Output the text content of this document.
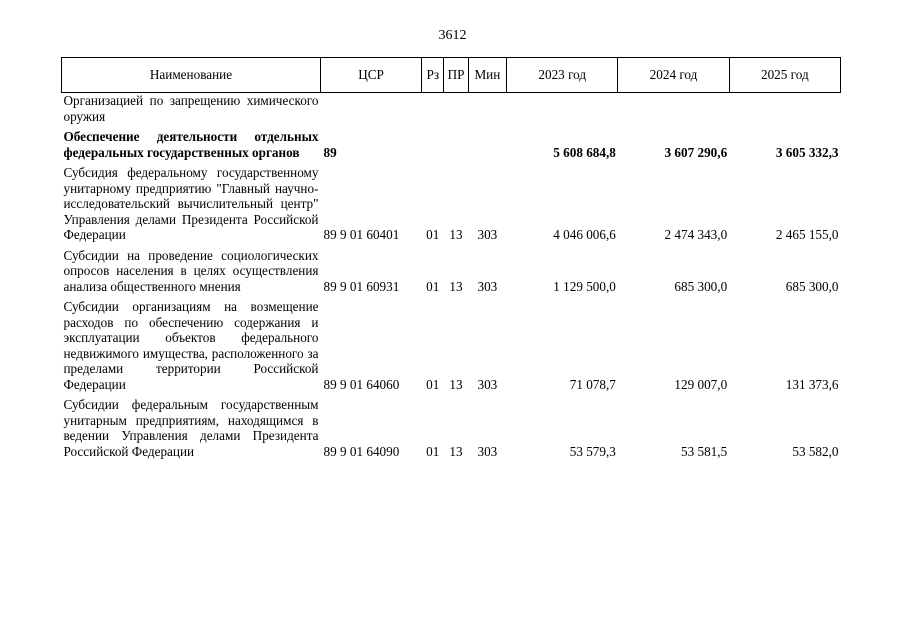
3612
Наименование	ЦСР	Рз	ПР	Мин	2023 год	2024 год	2025 год
Организацией по запрещению химического оружия							

Обеспечение деятельности отдельных федеральных государственных органов	89				5 608 684,8	3 607 290,6	3 605 332,3

Субсидия федеральному государственному унитарному предприятию "Главный научно-исследовательский вычислительный центр" Управления делами Президента Российской Федерации	89 9 01 60401	01	13	303	4 046 006,6	2 474 343,0	2 465 155,0

Субсидии на проведение социологических опросов населения в целях осуществления анализа общественного мнения	89 9 01 60931	01	13	303	1 129 500,0	685 300,0	685 300,0

Субсидии организациям на возмещение расходов по обеспечению содержания и эксплуатации объектов федерального недвижимого имущества, расположенного за пределами территории Российской Федерации	89 9 01 64060	01	13	303	71 078,7	129 007,0	131 373,6

Субсидии федеральным государственным унитарным предприятиям, находящимся в ведении Управления делами Президента Российской Федерации	89 9 01 64090	01	13	303	53 579,3	53 581,5	53 582,0
